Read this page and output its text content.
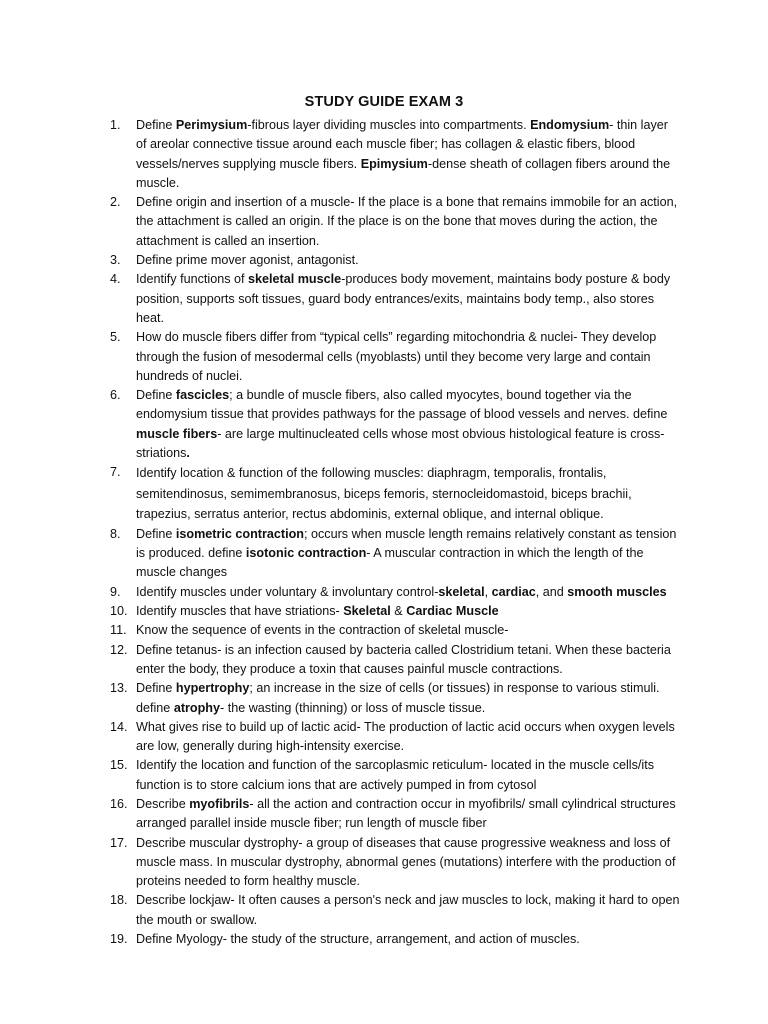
STUDY GUIDE EXAM 3
1.	Define Perimysium-fibrous layer dividing muscles into compartments. Endomysium- thin layer of areolar connective tissue around each muscle fiber; has collagen & elastic fibers, blood vessels/nerves supplying muscle fibers. Epimysium-dense sheath of collagen fibers around the muscle.
2.	Define origin and insertion of a muscle- If the place is a bone that remains immobile for an action, the attachment is called an origin. If the place is on the bone that moves during the action, the attachment is called an insertion.
3.	Define prime mover agonist, antagonist.
4.	Identify functions of skeletal muscle-produces body movement, maintains body posture & body position, supports soft tissues, guard body entrances/exits, maintains body temp., also stores heat.
5.	How do muscle fibers differ from “typical cells” regarding mitochondria & nuclei- They develop through the fusion of mesodermal cells (myoblasts) until they become very large and contain hundreds of nuclei.
6.	Define fascicles; a bundle of muscle fibers, also called myocytes, bound together via the endomysium tissue that provides pathways for the passage of blood vessels and nerves. define muscle fibers- are large multinucleated cells whose most obvious histological feature is cross-striations.
7.	Identify location & function of the following muscles: diaphragm, temporalis, frontalis, semitendinosus, semimembranosus, biceps femoris, sternocleidomastoid, biceps brachii, trapezius, serratus anterior, rectus abdominis, external oblique, and internal oblique.
8.	Define isometric contraction; occurs when muscle length remains relatively constant as tension is produced. define isotonic contraction- A muscular contraction in which the length of the muscle changes
9.	Identify muscles under voluntary & involuntary control-skeletal, cardiac, and smooth muscles
10. Identify muscles that have striations- Skeletal & Cardiac Muscle
11. Know the sequence of events in the contraction of skeletal muscle-
12. Define tetanus- is an infection caused by bacteria called Clostridium tetani. When these bacteria enter the body, they produce a toxin that causes painful muscle contractions.
13. Define hypertrophy; an increase in the size of cells (or tissues) in response to various stimuli. define atrophy- the wasting (thinning) or loss of muscle tissue.
14. What gives rise to build up of lactic acid- The production of lactic acid occurs when oxygen levels are low, generally during high-intensity exercise.
15. Identify the location and function of the sarcoplasmic reticulum- located in the muscle cells/its function is to store calcium ions that are actively pumped in from cytosol
16. Describe myofibrils- all the action and contraction occur in myofibrils/ small cylindrical structures arranged parallel inside muscle fiber; run length of muscle fiber
17. Describe muscular dystrophy- a group of diseases that cause progressive weakness and loss of muscle mass. In muscular dystrophy, abnormal genes (mutations) interfere with the production of proteins needed to form healthy muscle.
18. Describe lockjaw- It often causes a person's neck and jaw muscles to lock, making it hard to open the mouth or swallow.
19. Define Myology- the study of the structure, arrangement, and action of muscles.
